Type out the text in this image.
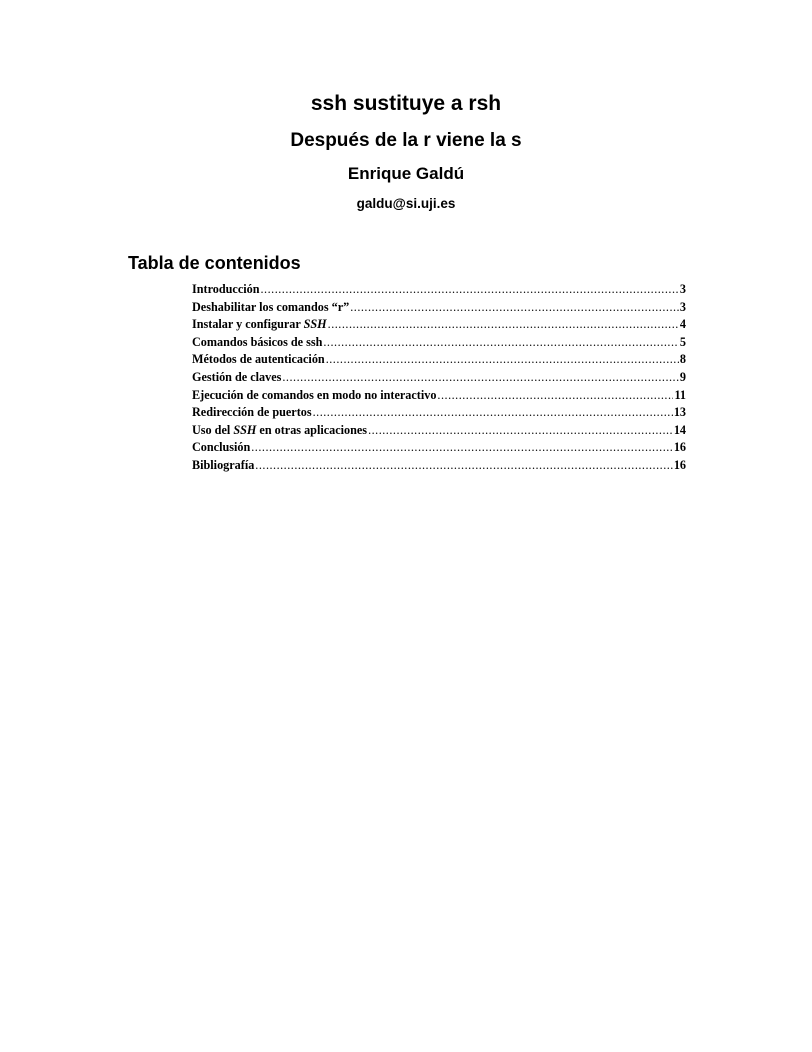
ssh sustituye a rsh
Después de la r viene la s
Enrique Galdú
galdu@si.uji.es
Tabla de contenidos
Introducción .....	3
Deshabilitar los comandos “r” .....	3
Instalar y configurar SSH .....	4
Comandos básicos de ssh .....	5
Métodos de autenticación .....	8
Gestión de claves .....	9
Ejecución de comandos en modo no interactivo .....	11
Redirección de puertos .....	13
Uso del SSH en otras aplicaciones .....	14
Conclusión .....	16
Bibliografía .....	16
